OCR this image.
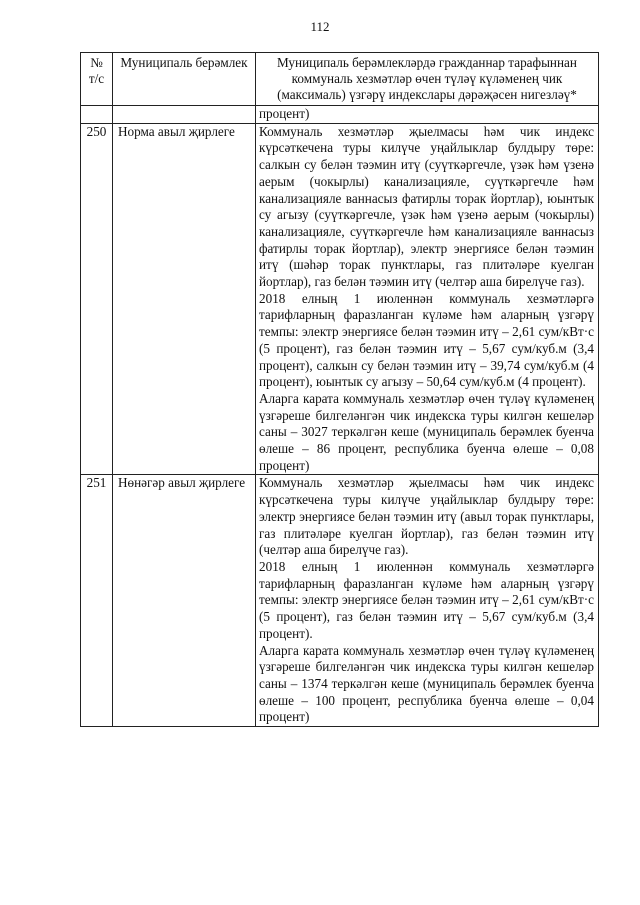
112
№ т/с	Муниципаль берәмлек	Муниципаль берәмлекләрдә гражданнар тарафыннан коммуналь хезмәтләр өчен түләү күләменең чик (максималь) үзгәрү индекслары дәрәҗәсен нигезләү*
		процент)
250	Норма авыл җирлеге	Коммуналь хезмәтләр җыелмасы һәм чик индекс күрсәткечена туры килүче уңайлыклар булдыру төре: салкын су белән тәэмин итү (суүткәргечле, үзәк һәм үзенә аерым (чокырлы) канализацияле, суүткәргечле һәм канализацияле ваннасыз фатирлы торак йортлар), юынтык су агызу (суүткәргечле, үзәк һәм үзенә аерым (чокырлы) канализацияле, суүткәргечле һәм канализацияле ваннасыз фатирлы торак йортлар), электр энергиясе белән тәэмин итү (шәһәр торак пунктлары, газ плитәләре куелган йортлар), газ белән тәэмин итү (челтәр аша бирелүче газ).

2018 елның 1 июленнән коммуналь хезмәтләргә тарифларның фаразланган күләме һәм аларның үзгәрү темпы: электр энергиясе белән тәэмин итү – 2,61 сум/кВт·с (5 процент), газ белән тәэмин итү – 5,67 сум/куб.м (3,4 процент), салкын су белән тәэмин итү – 39,74 сум/куб.м (4 процент), юынтык су агызу – 50,64 сум/куб.м (4 процент).

Аларга карата коммуналь хезмәтләр өчен түләү күләменең үзгәреше билгеләнгән чик индекска туры килгән кешеләр саны – 3027 теркәлгән кеше (муниципаль берәмлек буенча өлеше – 86 процент, республика буенча өлеше – 0,08 процент)

251	Нөнәгәр авыл җирлеге	Коммуналь хезмәтләр җыелмасы һәм чик индекс күрсәткечена туры килүче уңайлыклар булдыру төре: электр энергиясе белән тәэмин итү (авыл торак пунктлары, газ плитәләре куелган йортлар), газ белән тәэмин итү (челтәр аша бирелүче газ).

2018 елның 1 июленнән коммуналь хезмәтләргә тарифларның фаразланган күләме һәм аларның үзгәрү темпы: электр энергиясе белән тәэмин итү – 2,61 сум/кВт·с (5 процент), газ белән тәэмин итү – 5,67 сум/куб.м (3,4 процент).

Аларга карата коммуналь хезмәтләр өчен түләү күләменең үзгәреше билгеләнгән чик индекска туры килгән кешеләр саны – 1374 теркәлгән кеше (муниципаль берәмлек буенча өлеше – 100 процент, республика буенча өлеше – 0,04 процент)
